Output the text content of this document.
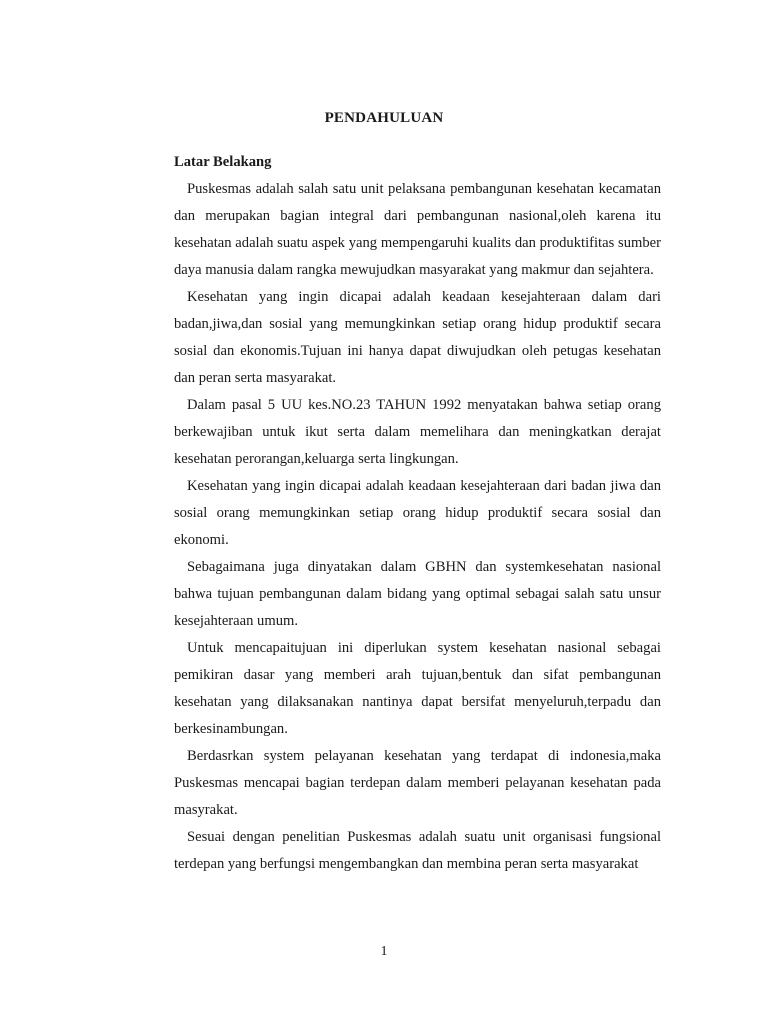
PENDAHULUAN

Latar Belakang

Puskesmas adalah salah satu unit pelaksana pembangunan kesehatan kecamatan dan merupakan bagian integral dari pembangunan nasional,oleh karena itu kesehatan adalah suatu aspek yang mempengaruhi kualits dan produktifitas sumber daya manusia dalam rangka mewujudkan masyarakat yang makmur dan sejahtera.

Kesehatan yang ingin dicapai adalah keadaan kesejahteraan dalam dari badan,jiwa,dan sosial yang memungkinkan setiap orang hidup produktif secara sosial dan ekonomis.Tujuan ini hanya dapat diwujudkan oleh petugas kesehatan dan peran serta masyarakat.

Dalam pasal 5 UU kes.NO.23 TAHUN 1992 menyatakan bahwa setiap orang berkewajiban untuk ikut serta dalam memelihara dan meningkatkan derajat kesehatan perorangan,keluarga serta lingkungan.

Kesehatan yang ingin dicapai adalah keadaan kesejahteraan dari badan jiwa dan sosial orang memungkinkan setiap orang hidup produktif secara sosial dan ekonomi.

Sebagaimana juga dinyatakan dalam GBHN dan systemkesehatan nasional bahwa tujuan pembangunan dalam bidang yang optimal sebagai salah satu unsur kesejahteraan umum.

Untuk mencapaitujuan ini diperlukan system kesehatan nasional sebagai pemikiran dasar yang memberi arah tujuan,bentuk dan sifat pembangunan kesehatan yang dilaksanakan nantinya dapat bersifat menyeluruh,terpadu dan berkesinambungan.

Berdasrkan system pelayanan kesehatan yang terdapat di indonesia,maka Puskesmas mencapai bagian terdepan dalam memberi pelayanan kesehatan pada masyrakat.

Sesuai dengan penelitian Puskesmas adalah suatu unit organisasi fungsional terdepan yang berfungsi mengembangkan dan membina peran serta masyarakat

1
